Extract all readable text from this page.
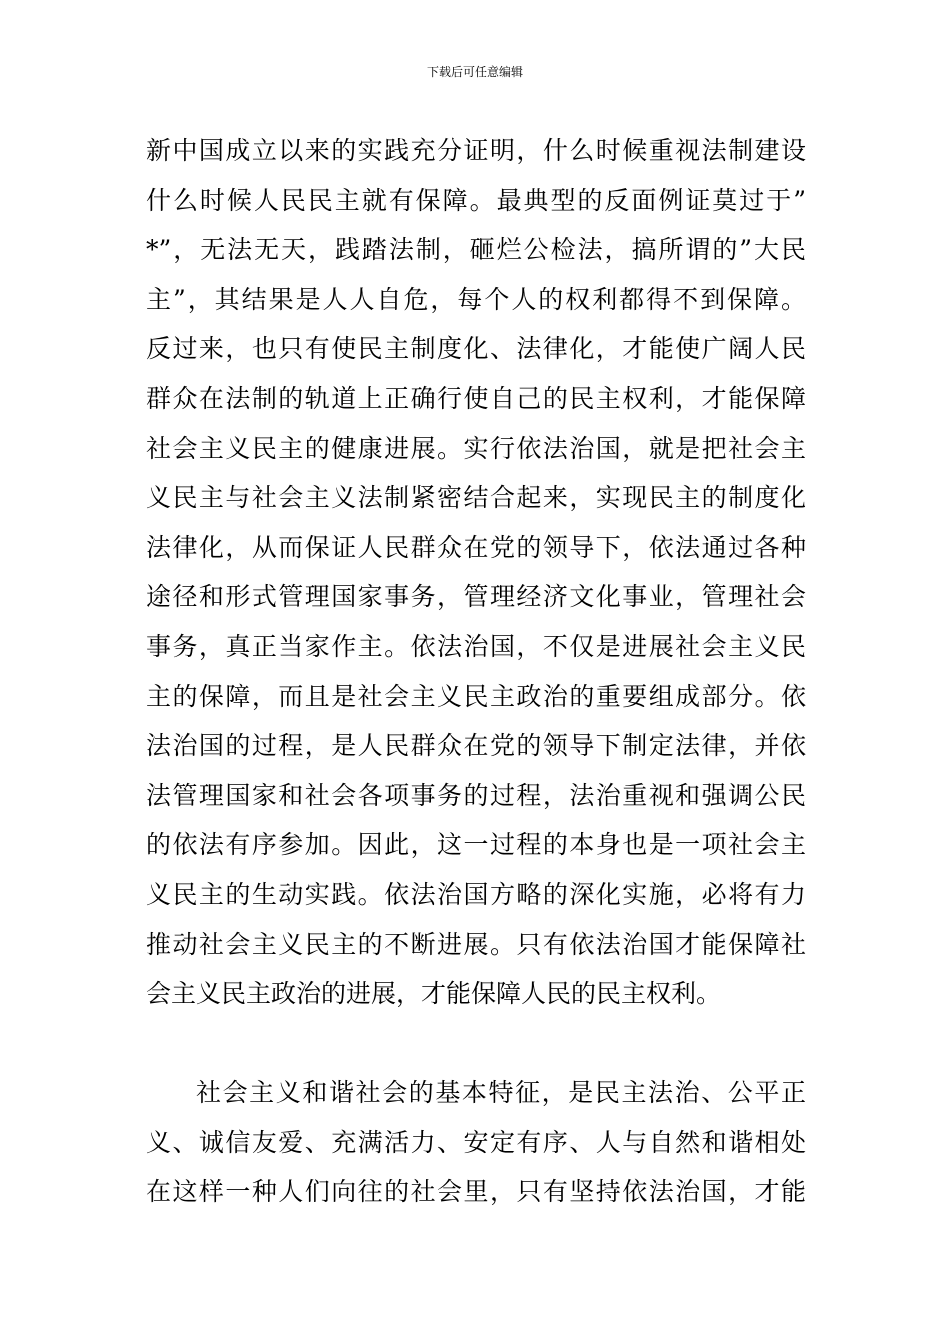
下载后可任意编辑
新中国成立以来的实践充分证明，什么时候重视法制建设
什么时候人民民主就有保障。最典型的反面例证莫过于”
*”，无法无天，践踏法制，砸烂公检法，搞所谓的”大民
主”，其结果是人人自危，每个人的权利都得不到保障。
反过来，也只有使民主制度化、法律化，才能使广阔人民
群众在法制的轨道上正确行使自己的民主权利，才能保障
社会主义民主的健康进展。实行依法治国，就是把社会主
义民主与社会主义法制紧密结合起来，实现民主的制度化
法律化，从而保证人民群众在党的领导下，依法通过各种
途径和形式管理国家事务，管理经济文化事业，管理社会
事务，真正当家作主。依法治国，不仅是进展社会主义民
主的保障，而且是社会主义民主政治的重要组成部分。依
法治国的过程，是人民群众在党的领导下制定法律，并依
法管理国家和社会各项事务的过程，法治重视和强调公民
的依法有序参加。因此，这一过程的本身也是一项社会主
义民主的生动实践。依法治国方略的深化实施，必将有力
推动社会主义民主的不断进展。只有依法治国才能保障社
会主义民主政治的进展，才能保障人民的民主权利。
社会主义和谐社会的基本特征，是民主法治、公平正
义、诚信友爱、充满活力、安定有序、人与自然和谐相处
在这样一种人们向往的社会里，只有坚持依法治国，才能
